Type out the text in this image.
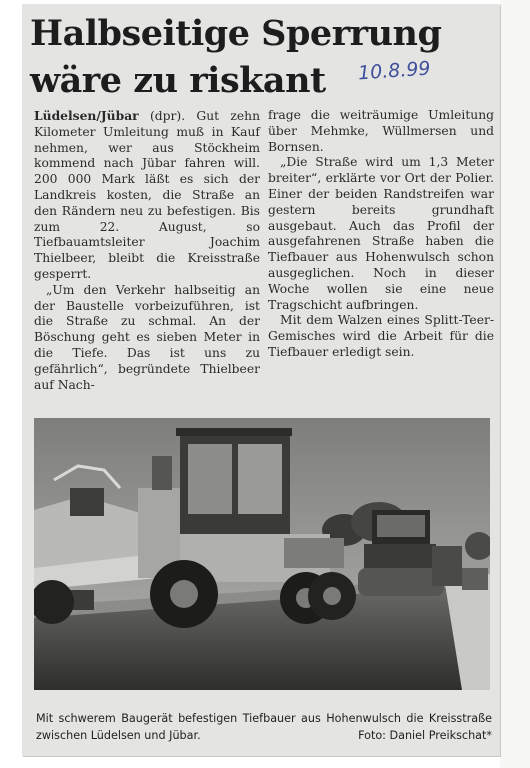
Halbseitige Sperrung
wäre zu riskant	10.8.99

Lüdelsen/Jübar (dpr). Gut zehn Kilometer Umleitung muß in Kauf nehmen, wer aus Stöckheim kommend nach Jübar fahren will. 200 000 Mark läßt es sich der Landkreis kosten, die Straße an den Rändern neu zu befestigen. Bis zum 22. August, so Tiefbauamtsleiter Joachim Thielbeer, bleibt die Kreisstraße gesperrt.

„Um den Verkehr halbseitig an der Baustelle vorbeizuführen, ist die Straße zu schmal. An der Böschung geht es sieben Meter in die Tiefe. Das ist uns zu gefährlich“, begründete Thielbeer auf Nach-

frage die weiträumige Umleitung über Mehmke, Wüllmersen und Bornsen.

„Die Straße wird um 1,3 Meter breiter“, erklärte vor Ort der Polier. Einer der beiden Randstreifen war gestern bereits grundhaft ausgebaut. Auch das Profil der ausgefahrenen Straße haben die Tiefbauer aus Hohenwulsch schon ausgeglichen. Noch in dieser Woche wollen sie eine neue Tragschicht aufbringen.

Mit dem Walzen eines Splitt-Teer-Gemisches wird die Arbeit für die Tiefbauer erledigt sein.

Mit schwerem Baugerät befestigen Tiefbauer aus Hohenwulsch die Kreisstraße zwischen Lüdelsen und Jübar.	Foto: Daniel Preikschat*
